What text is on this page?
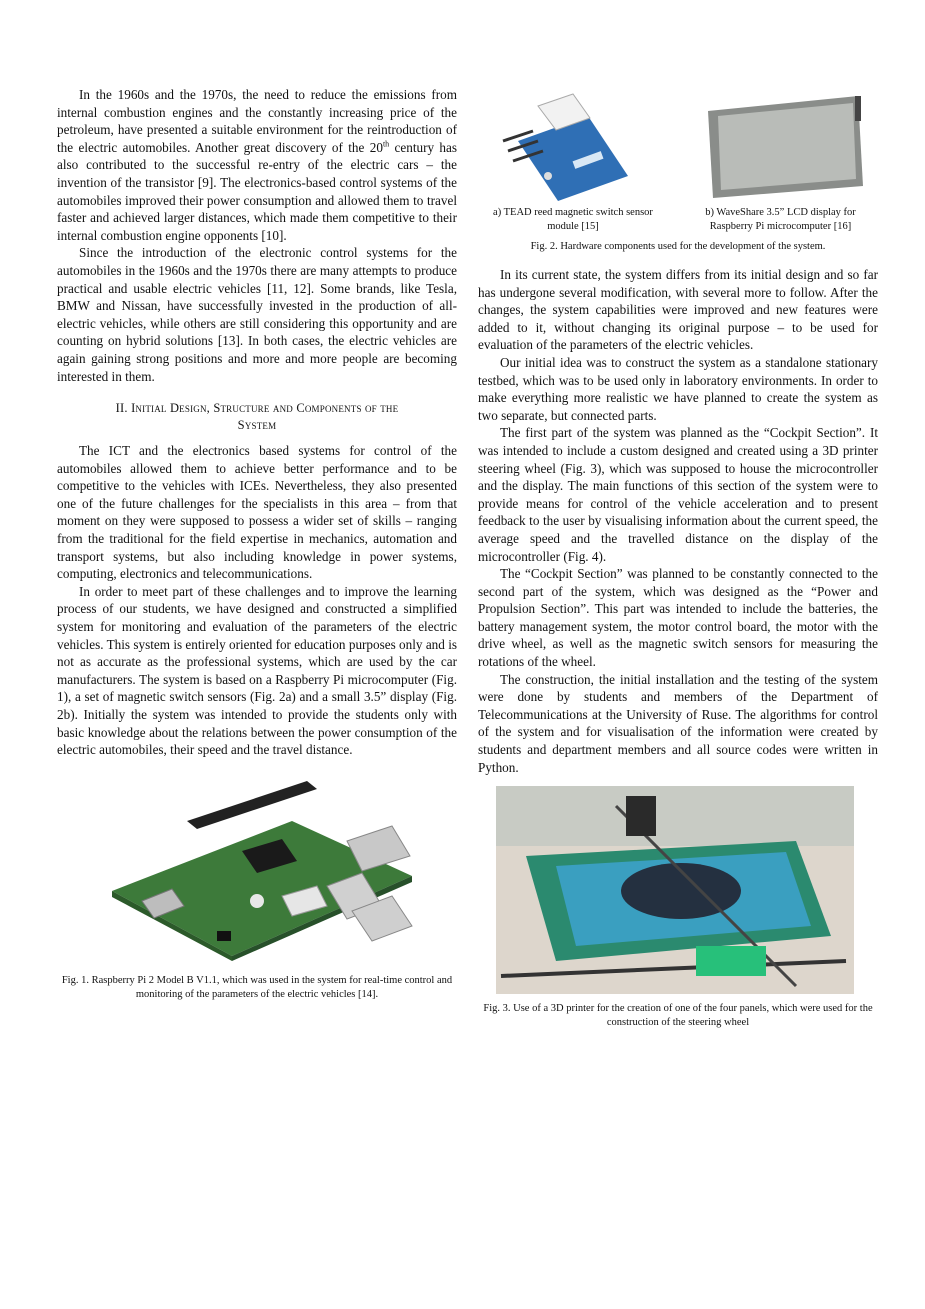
In the 1960s and the 1970s, the need to reduce the emissions from internal combustion engines and the constantly increasing price of the petroleum, have presented a suitable environment for the reintroduction of the electric automobiles. Another great discovery of the 20th century has also contributed to the successful re-entry of the electric cars – the invention of the transistor [9]. The electronics-based control systems of the automobiles improved their power consumption and allowed them to travel faster and achieved larger distances, which made them competitive to their internal combustion engine opponents [10].

Since the introduction of the electronic control systems for the automobiles in the 1960s and the 1970s there are many attempts to produce practical and usable electric vehicles [11, 12]. Some brands, like Tesla, BMW and Nissan, have successfully invested in the production of all-electric vehicles, while others are still considering this opportunity and are counting on hybrid solutions [13]. In both cases, the electric vehicles are again gaining strong positions and more and more people are becoming interested in them.

II. Initial Design, Structure and Components of the
System

The ICT and the electronics based systems for control of the automobiles allowed them to achieve better performance and to be competitive to the vehicles with ICEs. Nevertheless, they also presented one of the future challenges for the specialists in this area – from that moment on they were supposed to possess a wider set of skills – ranging from the traditional for the field expertise in mechanics, automation and transport systems, but also including knowledge in power systems, computing, electronics and telecommunications.

In order to meet part of these challenges and to improve the learning process of our students, we have designed and constructed a simplified system for monitoring and evaluation of the parameters of the electric vehicles. This system is entirely oriented for education purposes only and is not as accurate as the professional systems, which are used by the car manufacturers. The system is based on a Raspberry Pi microcomputer (Fig. 1), a set of magnetic switch sensors (Fig. 2a) and a small 3.5” display (Fig. 2b). Initially the system was intended to provide the students only with basic knowledge about the relations between the power consumption of the electric automobiles, their speed and the travel distance.

Fig. 1. Raspberry Pi 2 Model B V1.1, which was used in the system for real-time control and monitoring of the parameters of the electric vehicles [14].
a) TEAD reed magnetic switch sensor module [15]
b) WaveShare 3.5” LCD display for Raspberry Pi microcomputer [16]
Fig. 2. Hardware components used for the development of the system.

In its current state, the system differs from its initial design and so far has undergone several modification, with several more to follow. After the changes, the system capabilities were improved and new features were added to it, without changing its original purpose – to be used for evaluation of the parameters of the electric vehicles.

Our initial idea was to construct the system as a standalone stationary testbed, which was to be used only in laboratory environments. In order to make everything more realistic we have planned to create the system as two separate, but connected parts.

The first part of the system was planned as the “Cockpit Section”. It was intended to include a custom designed and created using a 3D printer steering wheel (Fig. 3), which was supposed to house the microcontroller and the display. The main functions of this section of the system were to provide means for control of the vehicle acceleration and to present feedback to the user by visualising information about the current speed, the average speed and the travelled distance on the display of the microcontroller (Fig. 4).

The “Cockpit Section” was planned to be constantly connected to the second part of the system, which was designed as the “Power and Propulsion Section”. This part was intended to include the batteries, the battery management system, the motor control board, the motor with the drive wheel, as well as the magnetic switch sensors for measuring the rotations of the wheel.

The construction, the initial installation and the testing of the system were done by students and members of the Department of Telecommunications at the University of Ruse. The algorithms for control of the system and for visualisation of the information were created by students and department members and all source codes were written in Python.

Fig. 3. Use of a 3D printer for the creation of one of the four panels, which were used for the construction of the steering wheel
